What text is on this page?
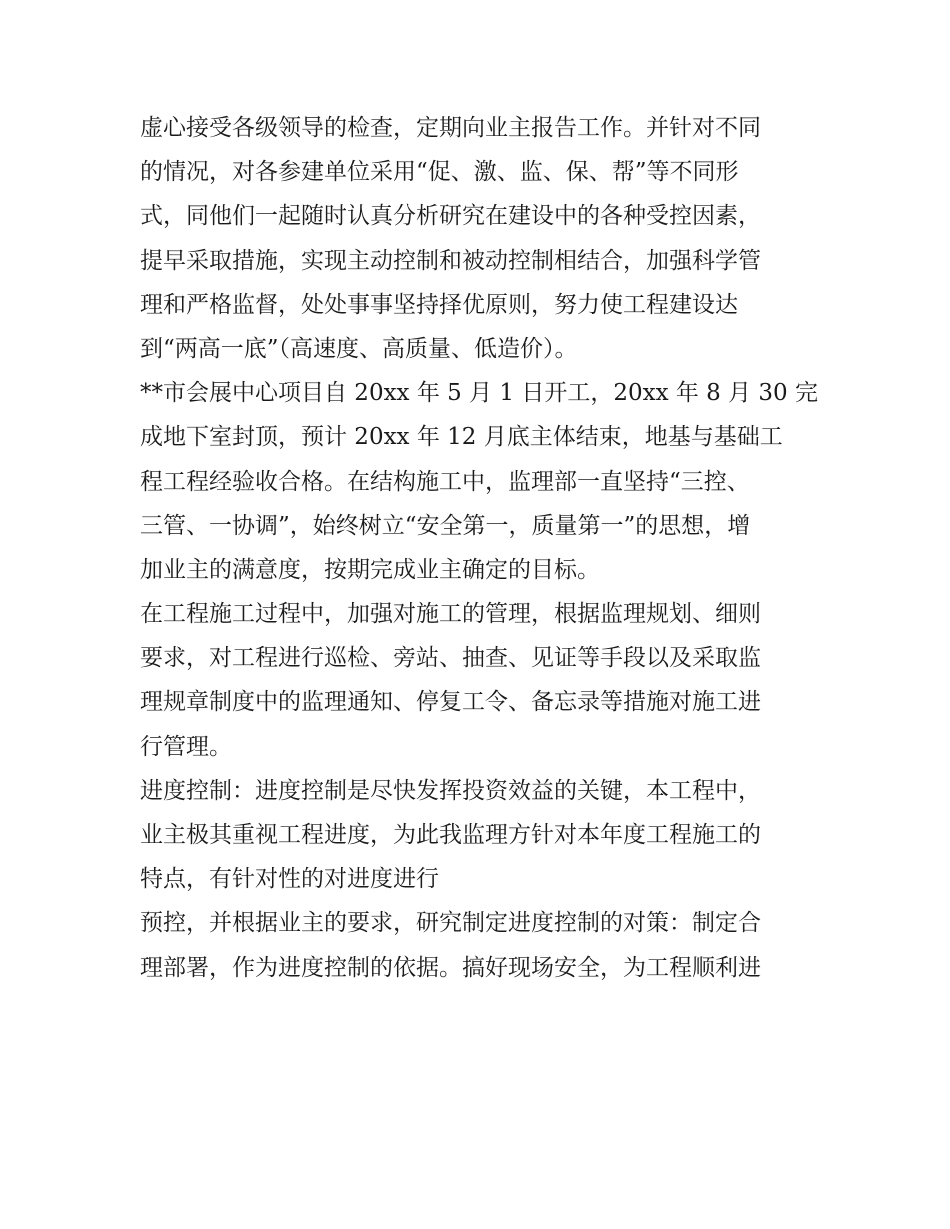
虚心接受各级领导的检查，定期向业主报告工作。并针对不同
的情况，对各参建单位采用“促、激、监、保、帮”等不同形
式，同他们一起随时认真分析研究在建设中的各种受控因素，
提早采取措施，实现主动控制和被动控制相结合，加强科学管
理和严格监督，处处事事坚持择优原则，努力使工程建设达
到“两高一底”（高速度、高质量、低造价）。
**市会展中心项目自 20xx 年 5 月 1 日开工，20xx 年 8 月 30 完
成地下室封顶，预计 20xx 年 12 月底主体结束，地基与基础工
程工程经验收合格。在结构施工中，监理部一直坚持“三控、
三管、一协调”，始终树立“安全第一，质量第一”的思想，增
加业主的满意度，按期完成业主确定的目标。
在工程施工过程中，加强对施工的管理，根据监理规划、细则
要求，对工程进行巡检、旁站、抽查、见证等手段以及采取监
理规章制度中的监理通知、停复工令、备忘录等措施对施工进
行管理。
进度控制：进度控制是尽快发挥投资效益的关键，本工程中，
业主极其重视工程进度，为此我监理方针对本年度工程施工的
特点，有针对性的对进度进行
预控，并根据业主的要求，研究制定进度控制的对策：制定合
理部署，作为进度控制的依据。搞好现场安全，为工程顺利进
